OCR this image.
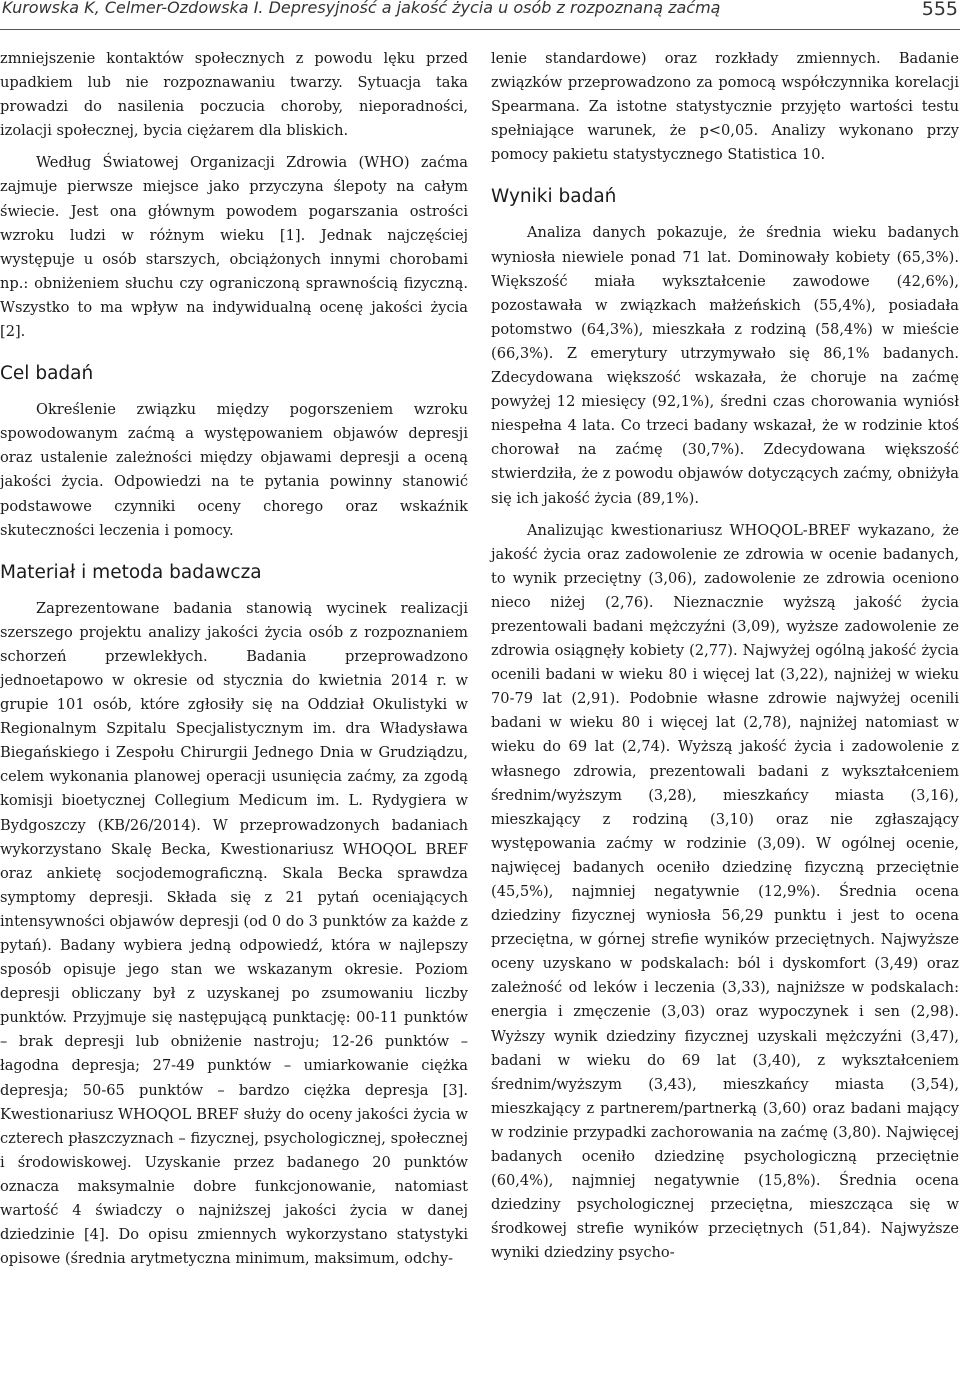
Kurowska K, Celmer-Ozdowska I. Depresyjność a jakość życia u osób z rozpoznaną zaćmą	555

zmniejszenie kontaktów społecznych z powodu lęku przed upadkiem lub nie rozpoznawaniu twarzy. Sytuacja taka prowadzi do nasilenia poczucia choroby, nieporadności, izolacji społecznej, bycia ciężarem dla bliskich.

Według Światowej Organizacji Zdrowia (WHO) zaćma zajmuje pierwsze miejsce jako przyczyna ślepoty na całym świecie. Jest ona głównym powodem pogarszania ostrości wzroku ludzi w różnym wieku [1]. Jednak najczęściej występuje u osób starszych, obciążonych innymi chorobami np.: obniżeniem słuchu czy ograniczoną sprawnością fizyczną. Wszystko to ma wpływ na indywidualną ocenę jakości życia [2].

Cel badań

Określenie związku między pogorszeniem wzroku spowodowanym zaćmą a występowaniem objawów depresji oraz ustalenie zależności między objawami depresji a oceną jakości życia. Odpowiedzi na te pytania powinny stanowić podstawowe czynniki oceny chorego oraz wskaźnik skuteczności leczenia i pomocy.

Materiał i metoda badawcza

Zaprezentowane badania stanowią wycinek realizacji szerszego projektu analizy jakości życia osób z rozpoznaniem schorzeń przewlekłych. Badania przeprowadzono jednoetapowo w okresie od stycznia do kwietnia 2014 r. w grupie 101 osób, które zgłosiły się na Oddział Okulistyki w Regionalnym Szpitalu Specjalistycznym im. dra Władysława Biegańskiego i Zespołu Chirurgii Jednego Dnia w Grudziądzu, celem wykonania planowej operacji usunięcia zaćmy, za zgodą komisji bioetycznej Collegium Medicum im. L. Rydygiera w Bydgoszczy (KB/26/2014). W przeprowadzonych badaniach wykorzystano Skalę Becka, Kwestionariusz WHOQOL BREF oraz ankietę socjodemograficzną. Skala Becka sprawdza symptomy depresji. Składa się z 21 pytań oceniających intensywności objawów depresji (od 0 do 3 punktów za każde z pytań). Badany wybiera jedną odpowiedź, która w najlepszy sposób opisuje jego stan we wskazanym okresie. Poziom depresji obliczany był z uzyskanej po zsumowaniu liczby punktów. Przyjmuje się następującą punktację: 00-11 punktów – brak depresji lub obniżenie nastroju; 12-26 punktów – łagodna depresja; 27-49 punktów – umiarkowanie ciężka depresja; 50-65 punktów – bardzo ciężka depresja [3]. Kwestionariusz WHOQOL BREF służy do oceny jakości życia w czterech płaszczyznach – fizycznej, psychologicznej, społecznej i środowiskowej. Uzyskanie przez badanego 20 punktów oznacza maksymalnie dobre funkcjonowanie, natomiast wartość 4 świadczy o najniższej jakości życia w danej dziedzinie [4]. Do opisu zmiennych wykorzystano statystyki opisowe (średnia arytmetyczna minimum, maksimum, odchy-

lenie standardowe) oraz rozkłady zmiennych. Badanie związków przeprowadzono za pomocą współczynnika korelacji Spearmana. Za istotne statystycznie przyjęto wartości testu spełniające warunek, że p<0,05. Analizy wykonano przy pomocy pakietu statystycznego Statistica 10.

Wyniki badań

Analiza danych pokazuje, że średnia wieku badanych wyniosła niewiele ponad 71 lat. Dominowały kobiety (65,3%). Większość miała wykształcenie zawodowe (42,6%), pozostawała w związkach małżeńskich (55,4%), posiadała potomstwo (64,3%), mieszkała z rodziną (58,4%) w mieście (66,3%). Z emerytury utrzymywało się 86,1% badanych. Zdecydowana większość wskazała, że choruje na zaćmę powyżej 12 miesięcy (92,1%), średni czas chorowania wyniósł niespełna 4 lata. Co trzeci badany wskazał, że w rodzinie ktoś chorował na zaćmę (30,7%). Zdecydowana większość stwierdziła, że z powodu objawów dotyczących zaćmy, obniżyła się ich jakość życia (89,1%).

Analizując kwestionariusz WHOQOL-BREF wykazano, że jakość życia oraz zadowolenie ze zdrowia w ocenie badanych, to wynik przeciętny (3,06), zadowolenie ze zdrowia oceniono nieco niżej (2,76). Nieznacznie wyższą jakość życia prezentowali badani mężczyźni (3,09), wyższe zadowolenie ze zdrowia osiągnęły kobiety (2,77). Najwyżej ogólną jakość życia ocenili badani w wieku 80 i więcej lat (3,22), najniżej w wieku 70-79 lat (2,91). Podobnie własne zdrowie najwyżej ocenili badani w wieku 80 i więcej lat (2,78), najniżej natomiast w wieku do 69 lat (2,74). Wyższą jakość życia i zadowolenie z własnego zdrowia, prezentowali badani z wykształceniem średnim/wyższym (3,28), mieszkańcy miasta (3,16), mieszkający z rodziną (3,10) oraz nie zgłaszający występowania zaćmy w rodzinie (3,09). W ogólnej ocenie, najwięcej badanych oceniło dziedzinę fizyczną przeciętnie (45,5%), najmniej negatywnie (12,9%). Średnia ocena dziedziny fizycznej wyniosła 56,29 punktu i jest to ocena przeciętna, w górnej strefie wyników przeciętnych. Najwyższe oceny uzyskano w podskalach: ból i dyskomfort (3,49) oraz zależność od leków i leczenia (3,33), najniższe w podskalach: energia i zmęczenie (3,03) oraz wypoczynek i sen (2,98). Wyższy wynik dziedziny fizycznej uzyskali mężczyźni (3,47), badani w wieku do 69 lat (3,40), z wykształceniem średnim/wyższym (3,43), mieszkańcy miasta (3,54), mieszkający z partnerem/partnerką (3,60) oraz badani mający w rodzinie przypadki zachorowania na zaćmę (3,80). Najwięcej badanych oceniło dziedzinę psychologiczną przeciętnie (60,4%), najmniej negatywnie (15,8%). Średnia ocena dziedziny psychologicznej przeciętna, mieszcząca się w środkowej strefie wyników przeciętnych (51,84). Najwyższe wyniki dziedziny psycho-
